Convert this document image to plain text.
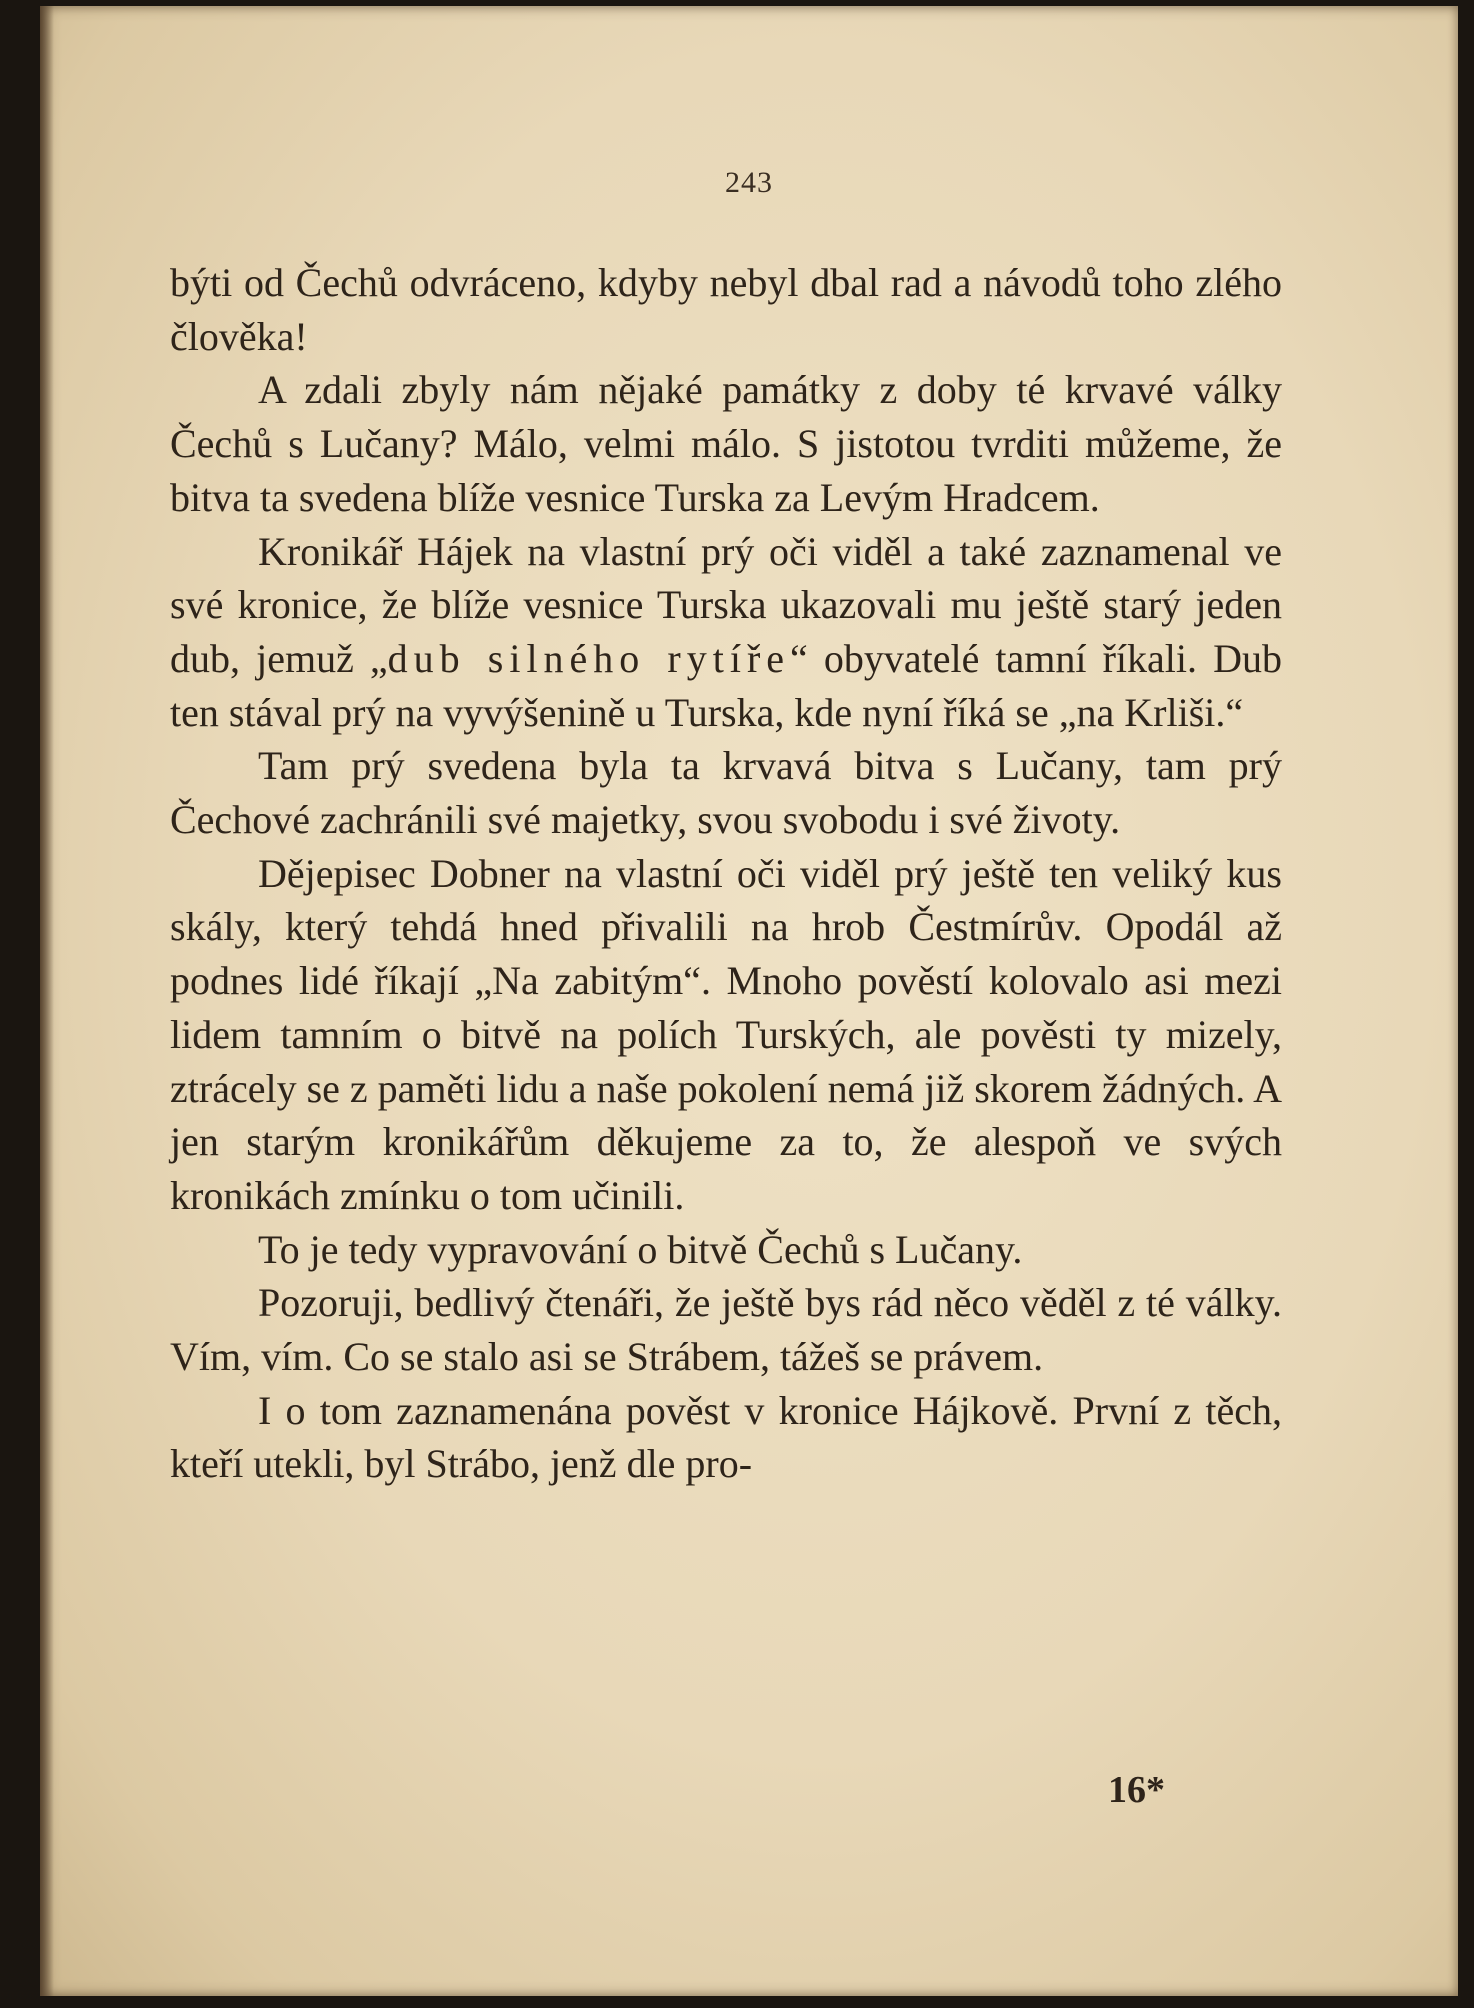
243

býti od Čechů odvráceno, kdyby nebyl dbal rad a návodů toho zlého člověka!

A zdali zbyly nám nějaké památky z doby té krvavé války Čechů s Lučany? Málo, velmi málo. S jistotou tvrditi můžeme, že bitva ta svedena blíže vesnice Turska za Levým Hradcem.

Kronikář Hájek na vlastní prý oči viděl a také zaznamenal ve své kronice, že blíže vesnice Turska ukazovali mu ještě starý jeden dub, jemuž „dub silného rytíře“ obyvatelé tamní říkali. Dub ten stával prý na vyvýšenině u Turska, kde nyní říká se „na Krliši.“

Tam prý svedena byla ta krvavá bitva s Lučany, tam prý Čechové zachránili své majetky, svou svobodu i své životy.

Dějepisec Dobner na vlastní oči viděl prý ještě ten veliký kus skály, který tehdá hned přivalili na hrob Čestmírův. Opodál až podnes lidé říkají „Na zabitým“. Mnoho pověstí kolovalo asi mezi lidem tamním o bitvě na polích Turských, ale pověsti ty mizely, ztrácely se z paměti lidu a naše pokolení nemá již skorem žádných. A jen starým kronikářům děkujeme za to, že alespoň ve svých kronikách zmínku o tom učinili.

To je tedy vypravování o bitvě Čechů s Lučany.

Pozoruji, bedlivý čtenáři, že ještě bys rád něco věděl z té války. Vím, vím. Co se stalo asi se Strábem, tážeš se právem.

I o tom zaznamenána pověst v kronice Hájkově. První z těch, kteří utekli, byl Strábo, jenž dle pro-

16*
